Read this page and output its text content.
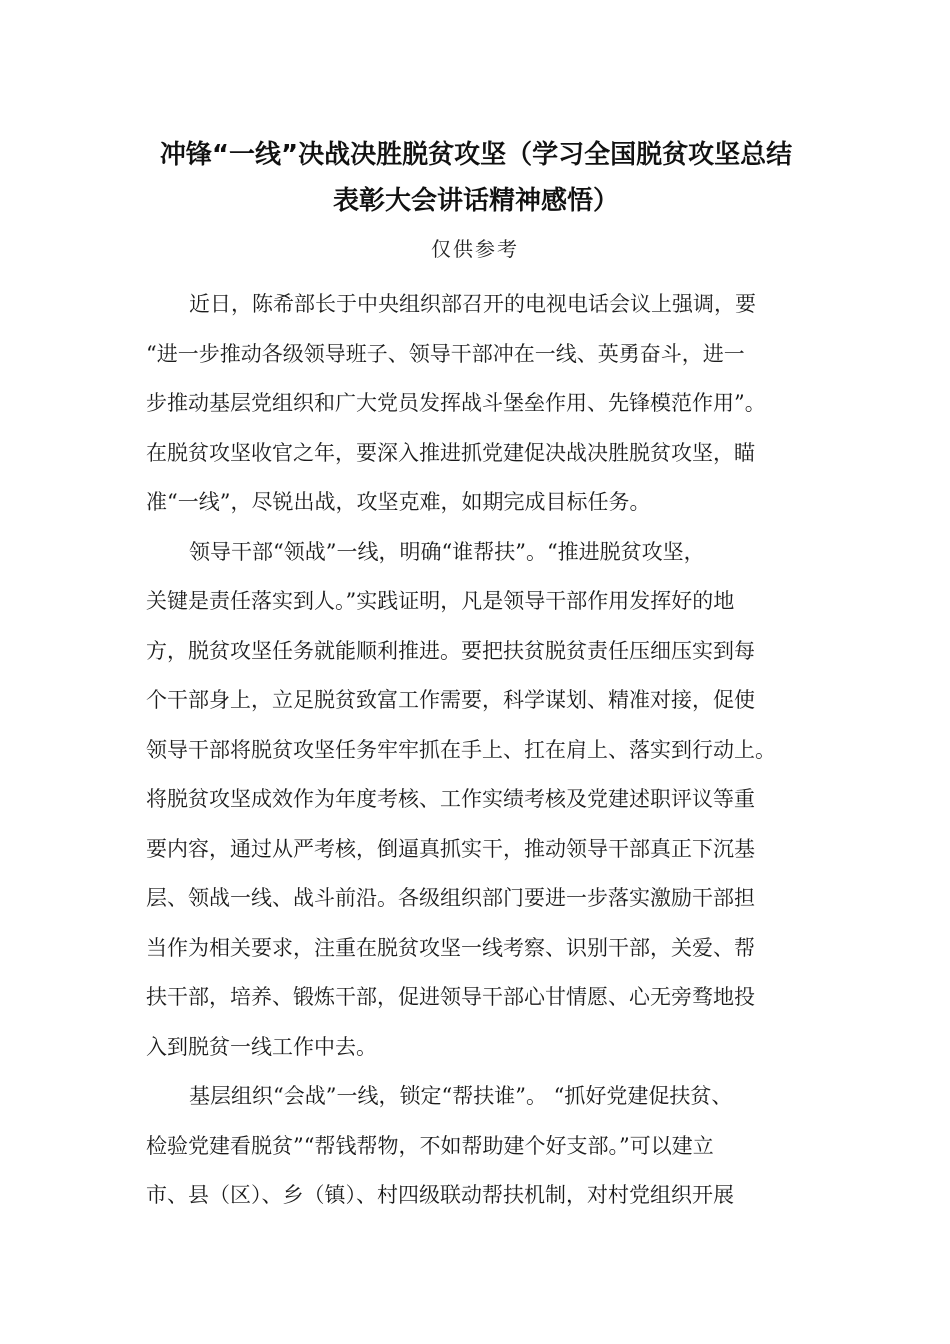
冲锋“一线”决战决胜脱贫攻坚（学习全国脱贫攻坚总结
表彰大会讲话精神感悟）
仅供参考
近日，陈希部长于中央组织部召开的电视电话会议上强调，要
“进一步推动各级领导班子、领导干部冲在一线、英勇奋斗，进一
步推动基层党组织和广大党员发挥战斗堡垒作用、先锋模范作用”。
在脱贫攻坚收官之年，要深入推进抓党建促决战决胜脱贫攻坚，瞄
准“一线”，尽锐出战，攻坚克难，如期完成目标任务。
领导干部“领战”一线，明确“谁帮扶”。“推进脱贫攻坚，
关键是责任落实到人。”实践证明，凡是领导干部作用发挥好的地
方，脱贫攻坚任务就能顺利推进。要把扶贫脱贫责任压细压实到每
个干部身上，立足脱贫致富工作需要，科学谋划、精准对接，促使
领导干部将脱贫攻坚任务牢牢抓在手上、扛在肩上、落实到行动上。
将脱贫攻坚成效作为年度考核、工作实绩考核及党建述职评议等重
要内容，通过从严考核，倒逼真抓实干，推动领导干部真正下沉基
层、领战一线、战斗前沿。各级组织部门要进一步落实激励干部担
当作为相关要求，注重在脱贫攻坚一线考察、识别干部，关爱、帮
扶干部，培养、锻炼干部，促进领导干部心甘情愿、心无旁骛地投
入到脱贫一线工作中去。
基层组织“会战”一线，锁定“帮扶谁”。 “抓好党建促扶贫、
检验党建看脱贫”“帮钱帮物，不如帮助建个好支部。”可以建立
市、县（区）、乡（镇）、村四级联动帮扶机制，对村党组织开展
